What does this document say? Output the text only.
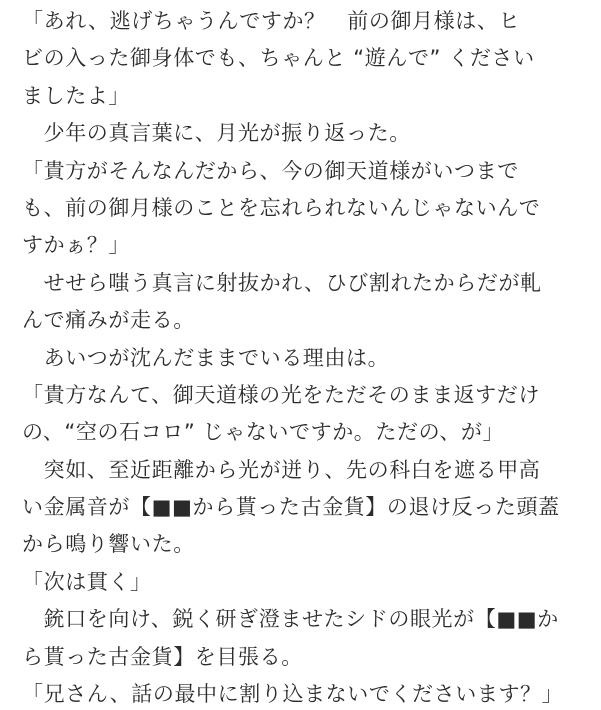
「あれ、逃げちゃうんですか？　前の御月様は、ヒ
ビの入った御身体でも、ちゃんと “遊んで” ください
ましたよ」
　少年の真言葉に、月光が振り返った。
「貴方がそんなんだから、今の御天道様がいつまで
も、前の御月様のことを忘れられないんじゃないんで
すかぁ？」
　せせら嗤う真言に射抜かれ、ひび割れたからだが軋
んで痛みが走る。
　あいつが沈んだままでいる理由は。
「貴方なんて、御天道様の光をただそのまま返すだけ
の、“空の石コロ” じゃないですか。ただの、が」
　突如、至近距離から光が迸り、先の科白を遮る甲高
い金属音が【■■から貰った古金貨】の退け反った頭蓋
から鳴り響いた。
「次は貫く」
　銃口を向け、鋭く研ぎ澄ませたシドの眼光が【■■か
ら貰った古金貨】を目張る。
「兄さん、話の最中に割り込まないでくださいます？」
